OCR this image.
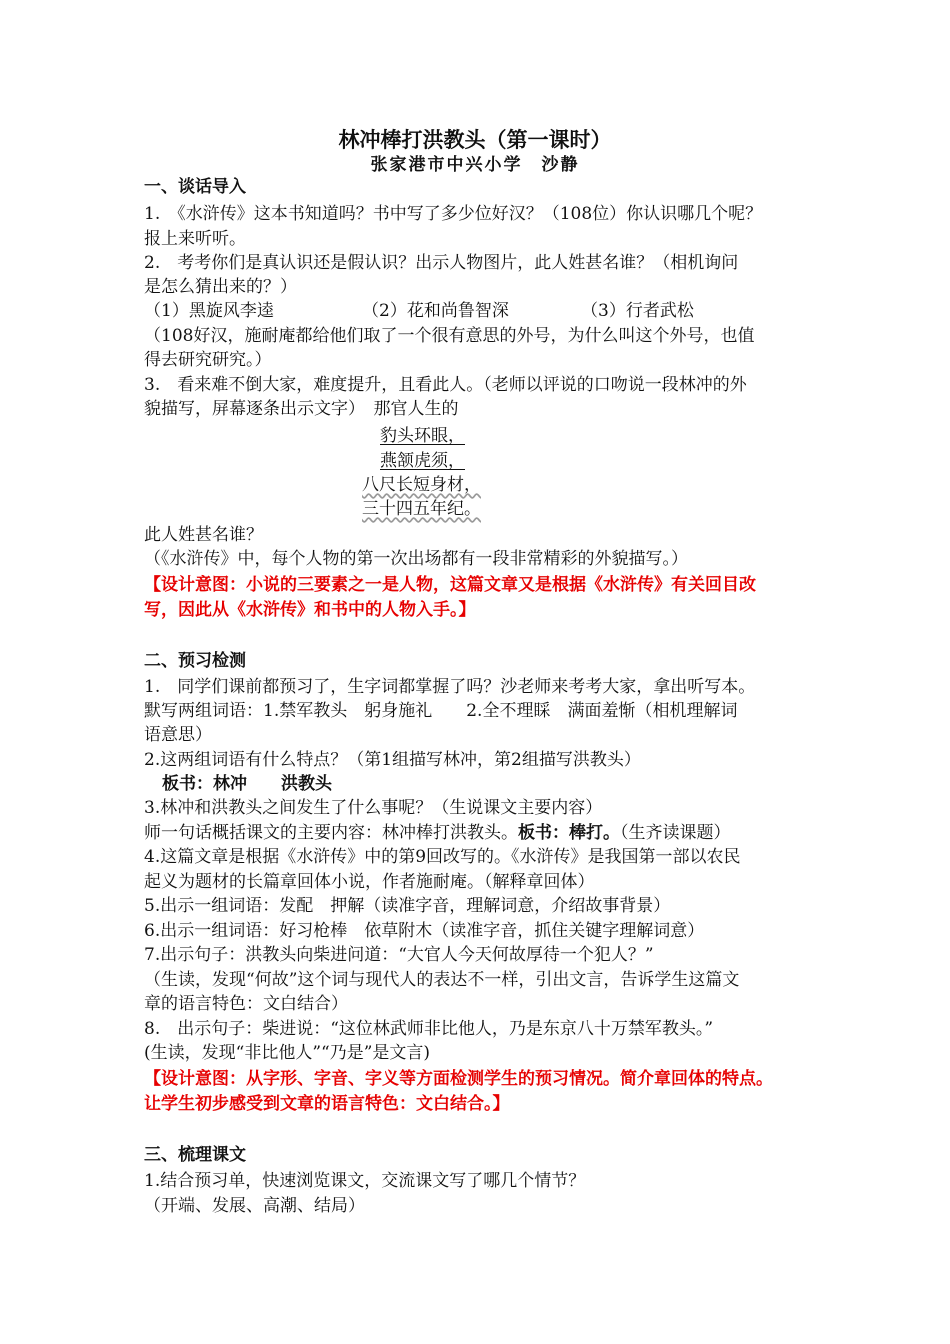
林冲棒打洪教头（第一课时）
张家港市中兴小学　沙静
一、谈话导入
1.　《水浒传》这本书知道吗？书中写了多少位好汉？（108位）你认识哪几个呢？
报上来听听。
2.　考考你们是真认识还是假认识？出示人物图片，此人姓甚名谁？（相机询问
是怎么猜出来的？）
（1）黑旋风李逵	（2）花和尚鲁智深	（3）行者武松
（108好汉，施耐庵都给他们取了一个很有意思的外号，为什么叫这个外号，也值
得去研究研究。）
3.　看来难不倒大家，难度提升，且看此人。（老师以评说的口吻说一段林冲的外
貌描写，屏幕逐条出示文字）　那官人生的
豹头环眼，
燕颔虎须，
八尺长短身材，
三十四五年纪。
此人姓甚名谁？
（《水浒传》中，每个人物的第一次出场都有一段非常精彩的外貌描写。）
【设计意图：小说的三要素之一是人物，这篇文章又是根据《水浒传》有关回目改
写，因此从《水浒传》和书中的人物入手。】
二、预习检测
1.　同学们课前都预习了，生字词都掌握了吗？沙老师来考考大家，拿出听写本。
默写两组词语：1.禁军教头　躬身施礼　　2.全不理睬　满面羞惭（相机理解词
语意思）
2.这两组词语有什么特点？（第1组描写林冲，第2组描写洪教头）
板书：林冲　　洪教头
3.林冲和洪教头之间发生了什么事呢？（生说课文主要内容）
师一句话概括课文的主要内容：林冲棒打洪教头。板书：棒打。（生齐读课题）
4.这篇文章是根据《水浒传》中的第9回改写的。《水浒传》是我国第一部以农民
起义为题材的长篇章回体小说，作者施耐庵。（解释章回体）
5.出示一组词语：发配　押解（读准字音，理解词意，介绍故事背景）
6.出示一组词语：好习枪棒　依草附木（读准字音，抓住关键字理解词意）
7.出示句子：洪教头向柴进问道：“大官人今天何故厚待一个犯人？”
（生读，发现“何故”这个词与现代人的表达不一样，引出文言，告诉学生这篇文
章的语言特色：文白结合）
8.　出示句子：柴进说：“这位林武师非比他人，乃是东京八十万禁军教头。”
(生读，发现“非比他人”“乃是”是文言)
【设计意图：从字形、字音、字义等方面检测学生的预习情况。简介章回体的特点。
让学生初步感受到文章的语言特色：文白结合。】
三、梳理课文
1.结合预习单，快速浏览课文，交流课文写了哪几个情节？
（开端、发展、高潮、结局）
